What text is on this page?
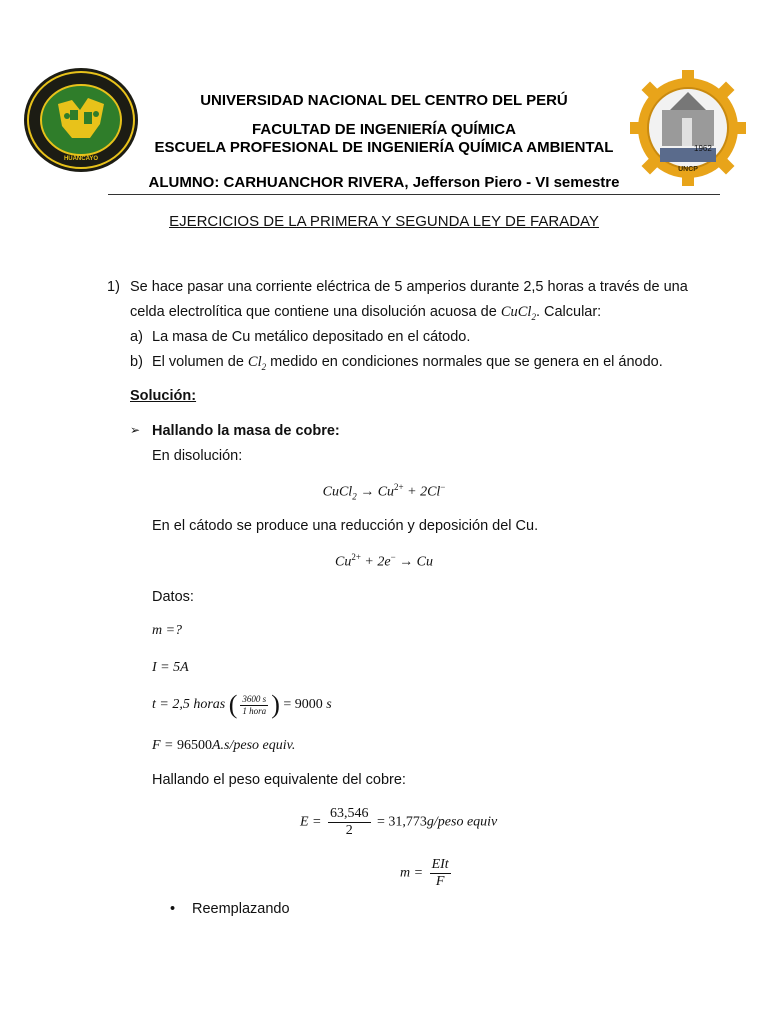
HUANCAYO
1962
UNCP
UNIVERSIDAD NACIONAL DEL CENTRO DEL PERÚ
FACULTAD DE INGENIERÍA QUÍMICA
ESCUELA PROFESIONAL DE INGENIERÍA QUÍMICA AMBIENTAL
ALUMNO: CARHUANCHOR RIVERA, Jefferson Piero - VI semestre
EJERCICIOS DE LA PRIMERA Y SEGUNDA LEY DE FARADAY
1) Se hace pasar una corriente eléctrica de 5 amperios durante 2,5 horas a través de una
celda electrolítica que contiene una disolución acuosa de CuCl$_2$. Calcular:
a) La masa de Cu metálico depositado en el cátodo.
b) El volumen de $Cl_2$ medido en condiciones normales que se genera en el ánodo.
Solución:
➢ Hallando la masa de cobre:
En disolución:
CuCl$_2$ → $Cu^{2+} + 2Cl^-$
En el cátodo se produce una reducción y deposición del Cu.
$Cu^{2+} + 2e^- \to Cu$
Datos:
m =?
I = 5A
t = 2,5 horas ( $\frac{3600 s}{\text{1 hora}}$ ) = 9000 s
F = 96500A.s/peso equiv.
Hallando el peso equivalente del cobre:
$E = \frac{63,546}{2}$ = 31,773g/peso equiv
$m = \frac{\text{EIt}}{F}$
• Reemplazando
